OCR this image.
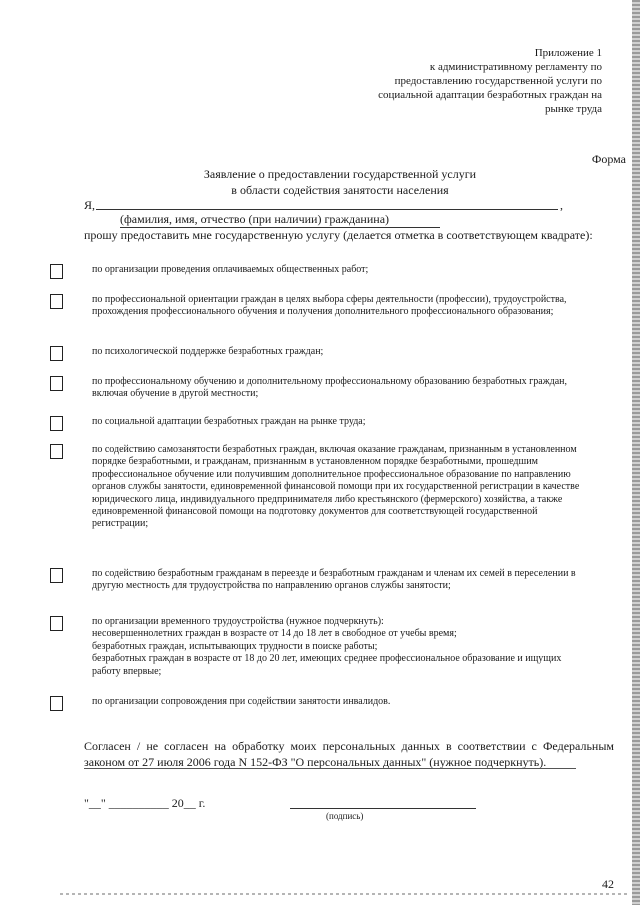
Приложение 1
к административному регламенту по
предоставлению государственной услуги по
социальной адаптации безработных граждан на
рынке труда
Форма
Заявление о предоставлении государственной услуги
в области содействия занятости населения
Я,	,
(фамилия, имя, отчество (при наличии) гражданина)
прошу предоставить мне государственную услугу (делается отметка в соответствующем квадрате):
по организации проведения оплачиваемых общественных работ;
по профессиональной ориентации граждан в целях выбора сферы деятельности (профессии), трудоустройства, прохождения профессионального обучения и получения дополнительного профессионального образования;
по психологической поддержке безработных граждан;
по профессиональному обучению и дополнительному профессиональному образованию безработных граждан, включая обучение в другой местности;
по социальной адаптации безработных граждан на рынке труда;
по содействию самозанятости безработных граждан, включая оказание гражданам, признанным в установленном порядке безработными, и гражданам, признанным в установленном порядке безработными, прошедшим профессиональное обучение или получившим дополнительное профессиональное образование по направлению органов службы занятости, единовременной финансовой помощи при их государственной регистрации в качестве юридического лица, индивидуального предпринимателя либо крестьянского (фермерского) хозяйства, а также единовременной финансовой помощи на подготовку документов для соответствующей государственной регистрации;
по содействию безработным гражданам в переезде и безработным гражданам и членам их семей в переселении в другую местность для трудоустройства по направлению органов службы занятости;
по организации временного трудоустройства (нужное подчеркнуть):
несовершеннолетних граждан в возрасте от 14 до 18 лет в свободное от учебы время;
безработных граждан, испытывающих трудности в поиске работы;
безработных граждан в возрасте от 18 до 20 лет, имеющих среднее профессиональное образование и ищущих работу впервые;
по организации сопровождения при содействии занятости инвалидов.
Согласен / не согласен на обработку моих персональных данных в соответствии с Федеральным законом от 27 июля 2006 года N 152-ФЗ "О персональных данных" (нужное подчеркнуть).
"__" __________ 20__ г.
(подпись)
42
